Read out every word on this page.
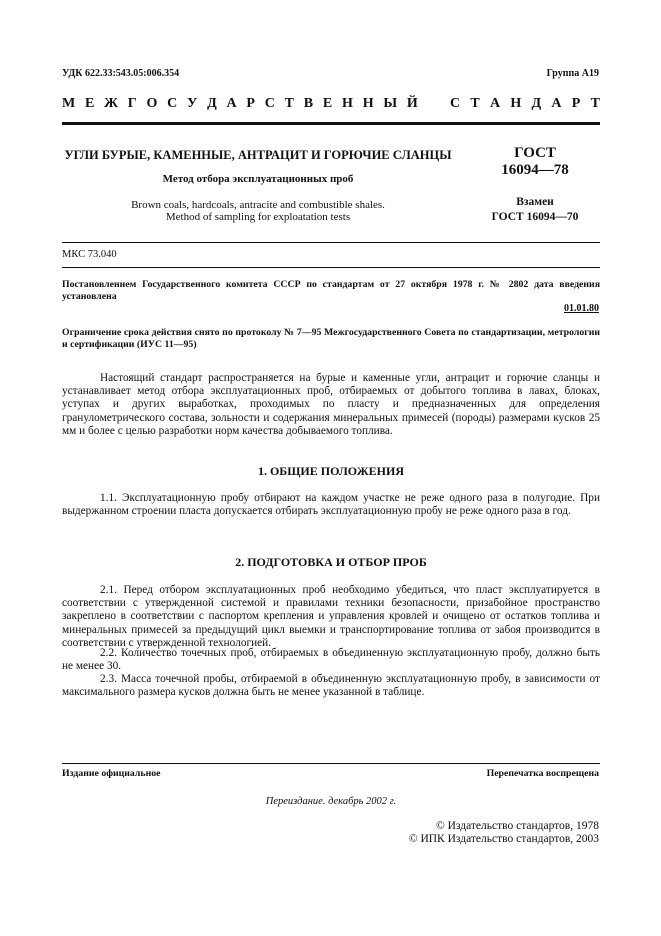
УДК 622.33:543.05:006.354	Группа А19
М Е Ж Г О С У Д А Р С Т В Е Н Н Ы Й С Т А Н Д А Р Т
УГЛИ БУРЫЕ, КАМЕННЫЕ, АНТРАЦИТ И ГОРЮЧИЕ СЛАНЦЫ
Метод отбора эксплуатационных проб
Brown coals, hardcoals, antracite and combustible shales.
Method of sampling for exploatation tests
ГОСТ
16094—78
Взамен
ГОСТ 16094—70
МКС 73.040
Постановлением Государственного комитета СССР по стандартам от 27 октября 1978 г. № 2802 дата введения установлена
01.01.80
Ограничение срока действия снято по протоколу № 7—95 Межгосударственного Совета по стандартизации, метрологии и сертификации (ИУС 11—95)
Настоящий стандарт распространяется на бурые и каменные угли, антрацит и горючие сланцы и устанавливает метод отбора эксплуатационных проб, отбираемых от добытого топлива в лавах, блоках, уступах и других выработках, проходимых по пласту и предназначенных для определения гранулометрического состава, зольности и содержания минеральных примесей (породы) размерами кусков 25 мм и более с целью разработки норм качества добываемого топлива.
1. ОБЩИЕ ПОЛОЖЕНИЯ
1.1. Эксплуатационную пробу отбирают на каждом участке не реже одного раза в полугодие. При выдержанном строении пласта допускается отбирать эксплуатационную пробу не реже одного раза в год.
2. ПОДГОТОВКА И ОТБОР ПРОБ
2.1. Перед отбором эксплуатационных проб необходимо убедиться, что пласт эксплуатируется в соответствии с утвержденной системой и правилами техники безопасности, призабойное пространство закреплено в соответствии с паспортом крепления и управления кровлей и очищено от остатков топлива и минеральных примесей за предыдущий цикл выемки и транспортирование топлива от забоя производится в соответствии с утвержденной технологией.
2.2. Количество точечных проб, отбираемых в объединенную эксплуатационную пробу, должно быть не менее 30.
2.3. Масса точечной пробы, отбираемой в объединенную эксплуатационную пробу, в зависимости от максимального размера кусков должна быть не менее указанной в таблице.
Издание официальное	Перепечатка воспрещена
Переиздание. декабрь 2002 г.
© Издательство стандартов, 1978
© ИПК Издательство стандартов, 2003
